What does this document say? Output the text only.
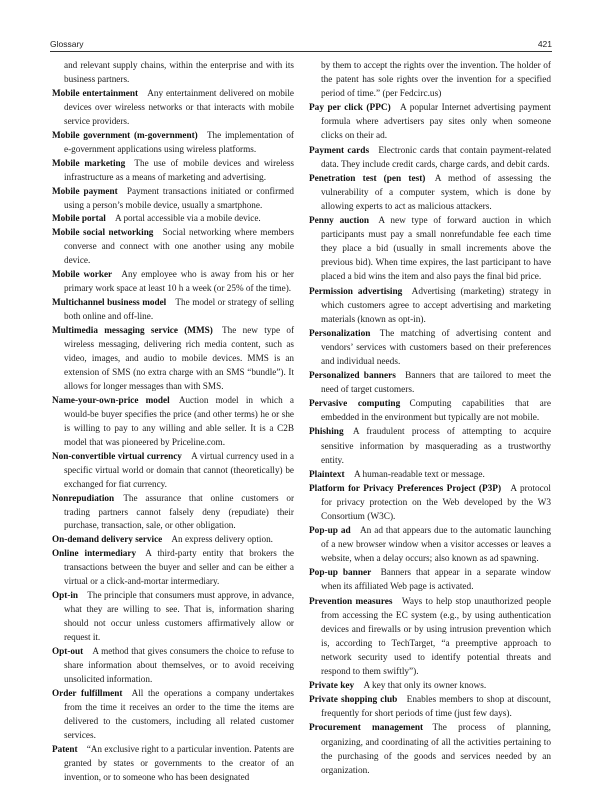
Glossary	421

and relevant supply chains, within the enterprise and with its business partners.

Mobile entertainment   Any entertainment delivered on mobile devices over wireless networks or that interacts with mobile service providers.

Mobile government (m-government)   The implementation of e-government applications using wireless platforms.

Mobile marketing   The use of mobile devices and wireless infrastructure as a means of marketing and advertising.

Mobile payment   Payment transactions initiated or confirmed using a person’s mobile device, usually a smartphone.

Mobile portal   A portal accessible via a mobile device.

Mobile social networking   Social networking where members converse and connect with one another using any mobile device.

Mobile worker   Any employee who is away from his or her primary work space at least 10 h a week (or 25% of the time).

Multichannel business model   The model or strategy of selling both online and off-line.

Multimedia messaging service (MMS)   The new type of wireless messaging, delivering rich media content, such as video, images, and audio to mobile devices. MMS is an extension of SMS (no extra charge with an SMS “bundle”). It allows for longer messages than with SMS.

Name-your-own-price model   Auction model in which a would-be buyer specifies the price (and other terms) he or she is willing to pay to any willing and able seller. It is a C2B model that was pioneered by Priceline.com.

Non-convertible virtual currency   A virtual currency used in a specific virtual world or domain that cannot (theoretically) be exchanged for fiat currency.

Nonrepudiation   The assurance that online customers or trading partners cannot falsely deny (repudiate) their purchase, transaction, sale, or other obligation.

On-demand delivery service   An express delivery option.

Online intermediary   A third-party entity that brokers the transactions between the buyer and seller and can be either a virtual or a click-and-mortar intermediary.

Opt-in   The principle that consumers must approve, in advance, what they are willing to see. That is, information sharing should not occur unless customers affirmatively allow or request it.

Opt-out   A method that gives consumers the choice to refuse to share information about themselves, or to avoid receiving unsolicited information.

Order fulfillment   All the operations a company undertakes from the time it receives an order to the time the items are delivered to the customers, including all related customer services.

Patent   “An exclusive right to a particular invention. Patents are granted by states or governments to the creator of an invention, or to someone who has been designated

by them to accept the rights over the invention. The holder of the patent has sole rights over the invention for a specified period of time.” (per Fedcirc.us)

Pay per click (PPC)   A popular Internet advertising payment formula where advertisers pay sites only when someone clicks on their ad.

Payment cards   Electronic cards that contain payment-related data. They include credit cards, charge cards, and debit cards.

Penetration test (pen test)   A method of assessing the vulnerability of a computer system, which is done by allowing experts to act as malicious attackers.

Penny auction   A new type of forward auction in which participants must pay a small nonrefundable fee each time they place a bid (usually in small increments above the previous bid). When time expires, the last participant to have placed a bid wins the item and also pays the final bid price.

Permission advertising   Advertising (marketing) strategy in which customers agree to accept advertising and marketing materials (known as opt-in).

Personalization   The matching of advertising content and vendors’ services with customers based on their preferences and individual needs.

Personalized banners   Banners that are tailored to meet the need of target customers.

Pervasive computing   Computing capabilities that are embedded in the environment but typically are not mobile.

Phishing   A fraudulent process of attempting to acquire sensitive information by masquerading as a trustworthy entity.

Plaintext   A human-readable text or message.

Platform for Privacy Preferences Project (P3P)   A protocol for privacy protection on the Web developed by the W3 Consortium (W3C).

Pop-up ad   An ad that appears due to the automatic launching of a new browser window when a visitor accesses or leaves a website, when a delay occurs; also known as ad spawning.

Pop-up banner   Banners that appear in a separate window when its affiliated Web page is activated.

Prevention measures   Ways to help stop unauthorized people from accessing the EC system (e.g., by using authentication devices and firewalls or by using intrusion prevention which is, according to TechTarget, “a preemptive approach to network security used to identify potential threats and respond to them swiftly”).

Private key   A key that only its owner knows.

Private shopping club   Enables members to shop at discount, frequently for short periods of time (just few days).

Procurement management   The process of planning, organizing, and coordinating of all the activities pertaining to the purchasing of the goods and services needed by an organization.
